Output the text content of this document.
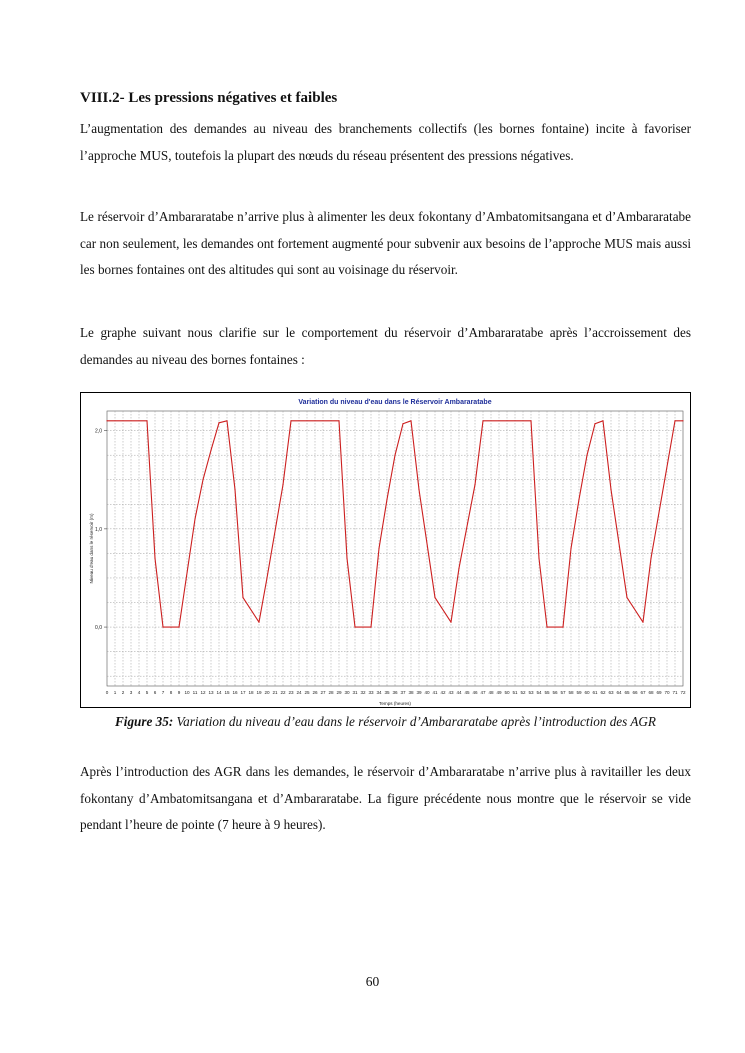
VIII.2- Les pressions négatives et faibles

L’augmentation des demandes au niveau des branchements collectifs (les bornes fontaine) incite à favoriser l’approche MUS, toutefois la plupart des nœuds du réseau présentent des pressions négatives.

Le réservoir d’Ambararatabe n’arrive plus à alimenter les deux fokontany d’Ambatomitsangana et d’Ambararatabe car non seulement, les demandes ont fortement augmenté pour subvenir aux besoins de l’approche MUS mais aussi les bornes fontaines ont des altitudes qui sont au voisinage du réservoir.

Le graphe suivant nous clarifie sur le comportement du réservoir d’Ambararatabe après l’accroissement des demandes au niveau des bornes fontaines :

0 1 2 3 4 5 6 7 8 9 10 11 12 13 14 15 16 17 18 19 20 21 22 23 24 25 26 27 28 29 30 31 32 33 34 35 36 37 38 39 40 41 42 43 44 45 46 47 48 49 50 51 52 53 54 55 56 57 58 59 60 61 62 63 64 65 66 67 68 69 70 71 72
0,0
1,0
2,0
Variation du niveau d'eau dans le Réservoir Ambararatabe
Temps (heures)
Niveau d'eau dans le réservoir (m)
Figure 35: Variation du niveau d’eau dans le réservoir d’Ambararatabe après l’introduction des AGR

Après l’introduction des AGR dans les demandes, le réservoir d’Ambararatabe n’arrive plus à ravitailler les deux fokontany d’Ambatomitsangana et d’Ambararatabe. La figure précédente nous montre que le réservoir se vide pendant l’heure de pointe (7 heure à 9 heures).

60
